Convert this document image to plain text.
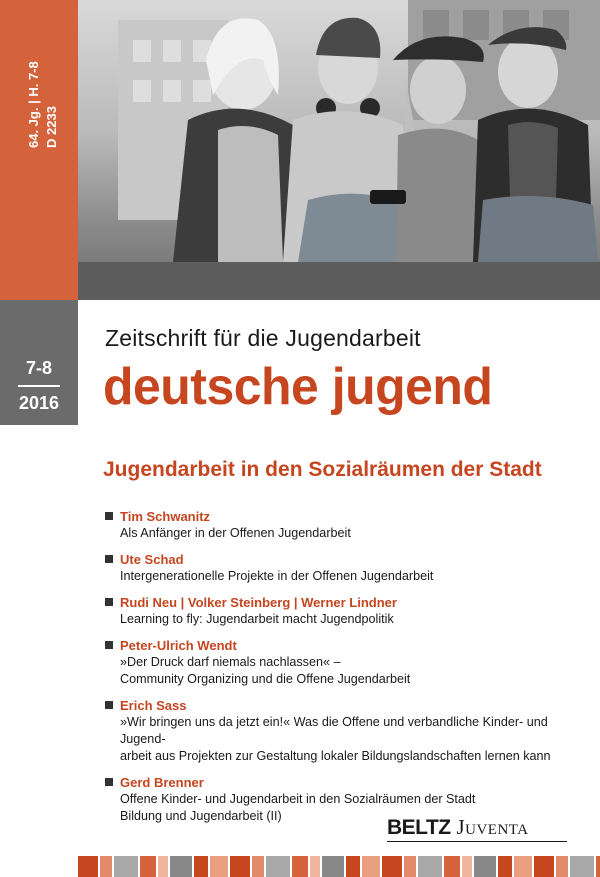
64. Jg. | H. 7-8 D 2233
7-8
2016
Zeitschrift für die Jugendarbeit
deutsche jugend
Jugendarbeit in den Sozialräumen der Stadt
Tim Schwanitz
Als Anfänger in der Offenen Jugendarbeit
Ute Schad
Intergenerationelle Projekte in der Offenen Jugendarbeit
Rudi Neu | Volker Steinberg | Werner Lindner
Learning to fly: Jugendarbeit macht Jugendpolitik
Peter-Ulrich Wendt
»Der Druck darf niemals nachlassen« –
Community Organizing und die Offene Jugendarbeit
Erich Sass
»Wir bringen uns da jetzt ein!« Was die Offene und verbandliche Kinder- und Jugend-
arbeit aus Projekten zur Gestaltung lokaler Bildungslandschaften lernen kann
Gerd Brenner
Offene Kinder- und Jugendarbeit in den Sozialräumen der Stadt
Bildung und Jugendarbeit (II)	BELTZ Juventa
